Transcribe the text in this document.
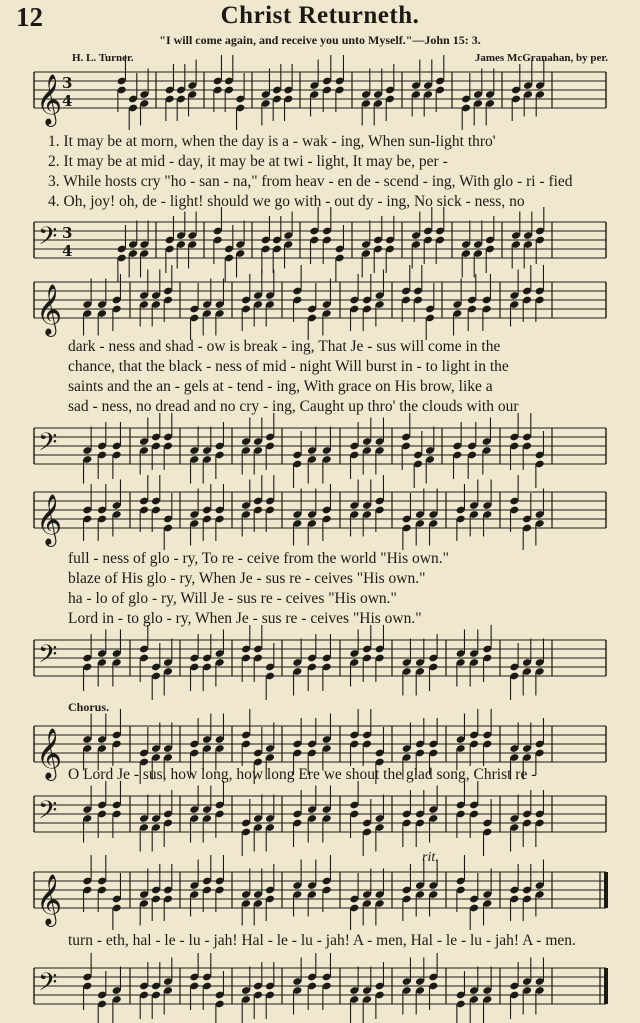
𝄞 3
4
𝄢 3
4
𝄞
𝄢
𝄞
𝄢
𝄞
𝄢
𝄞
𝄢
12	Christ Returneth.
"I will come again, and receive you unto Myself."—John 15: 3.
H. L. Turner.	James McGranahan, by per.
1. It may be at morn, when the day is a - wak - ing, When sun-light thro'
2. It may be at mid - day, it may be at twi - light, It may be, per -
3. While hosts cry "ho - san - na," from heav - en de - scend - ing, With glo - ri - fied
4. Oh, joy! oh, de - light! should we go with - out dy - ing, No sick - ness, no
dark - ness and shad - ow is break - ing, That Je - sus will come in the
chance, that the black - ness of mid - night Will burst in - to light in the
saints and the an - gels at - tend - ing, With grace on His brow, like a
sad - ness, no dread and no cry - ing, Caught up thro' the clouds with our
full - ness of glo - ry, To re - ceive from the world "His own."
blaze of His glo - ry, When Je - sus re - ceives "His own."
ha - lo of glo - ry, Will Je - sus re - ceives "His own."
Lord in - to glo - ry, When Je - sus re - ceives "His own."
Chorus.
O Lord Je - sus, how long, how long Ere we shout the glad song, Christ re -
rit.
turn - eth, hal - le - lu - jah! Hal - le - lu - jah! A - men, Hal - le - lu - jah! A - men.
